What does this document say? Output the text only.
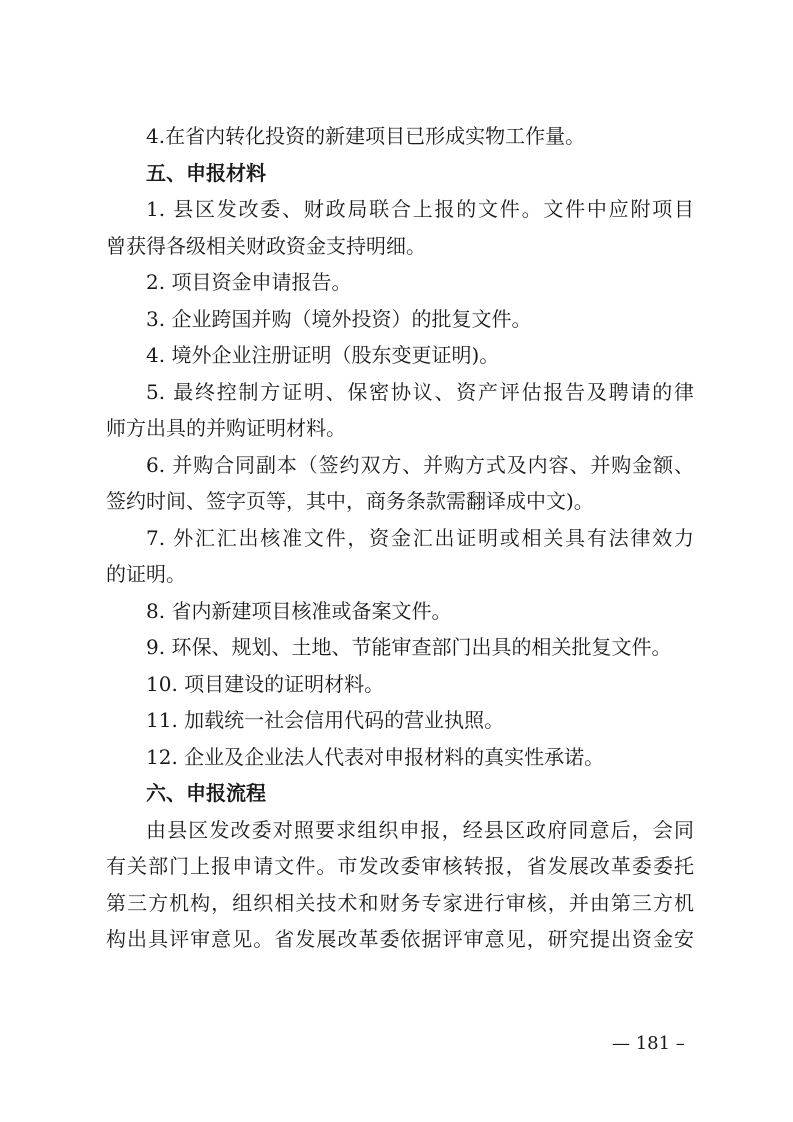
4.在省内转化投资的新建项目已形成实物工作量。
五、申报材料
1. 县区发改委、财政局联合上报的文件。文件中应附项目
曾获得各级相关财政资金支持明细。
2. 项目资金申请报告。
3. 企业跨国并购（境外投资）的批复文件。
4. 境外企业注册证明（股东变更证明)。
5. 最终控制方证明、保密协议、资产评估报告及聘请的律
师方出具的并购证明材料。
6. 并购合同副本（签约双方、并购方式及内容、并购金额、
签约时间、签字页等，其中，商务条款需翻译成中文)。
7. 外汇汇出核准文件，资金汇出证明或相关具有法律效力
的证明。
8. 省内新建项目核准或备案文件。
9. 环保、规划、土地、节能审查部门出具的相关批复文件。
10. 项目建设的证明材料。
11. 加载统一社会信用代码的营业执照。
12. 企业及企业法人代表对申报材料的真实性承诺。
六、申报流程
由县区发改委对照要求组织申报，经县区政府同意后，会同
有关部门上报申请文件。市发改委审核转报，省发展改革委委托
第三方机构，组织相关技术和财务专家进行审核，并由第三方机
构出具评审意见。省发展改革委依据评审意见，研究提出资金安
— 181 –
